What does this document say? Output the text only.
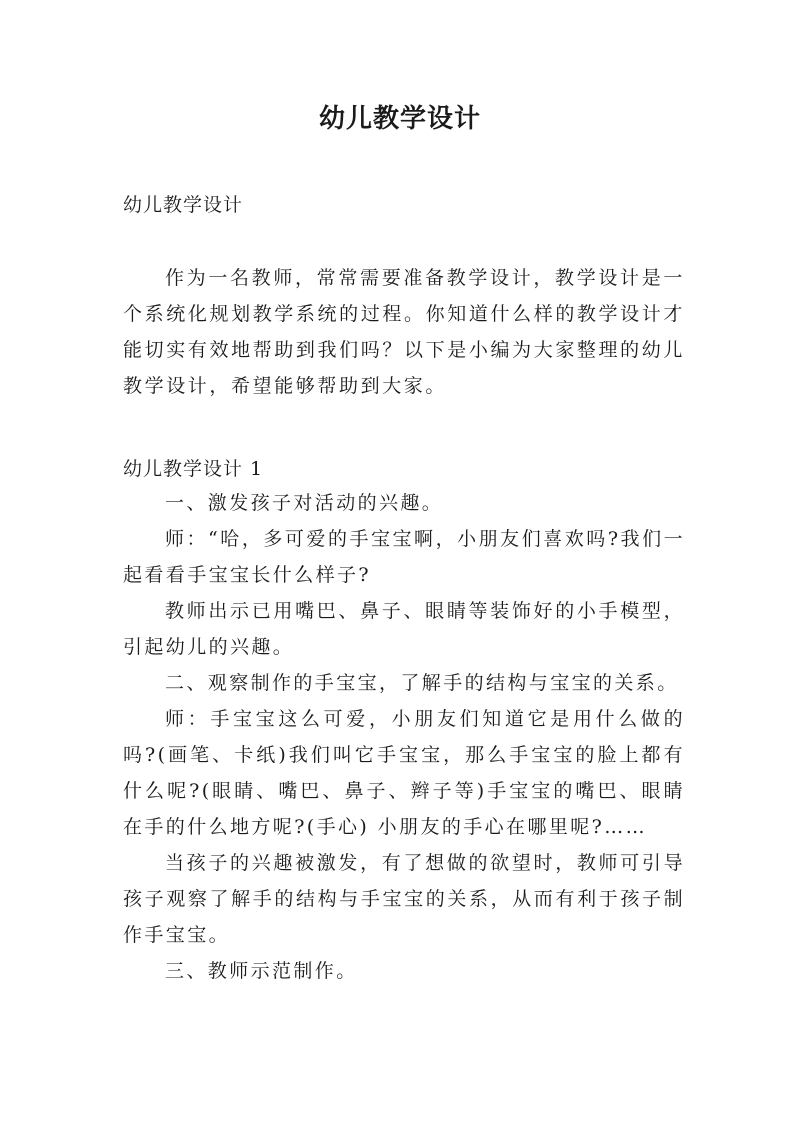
幼儿教学设计

幼儿教学设计

作为一名教师，常常需要准备教学设计，教学设计是一个系统化规划教学系统的过程。你知道什么样的教学设计才能切实有效地帮助到我们吗？以下是小编为大家整理的幼儿教学设计，希望能够帮助到大家。

幼儿教学设计 1

一、激发孩子对活动的兴趣。

师：“哈，多可爱的手宝宝啊，小朋友们喜欢吗?我们一起看看手宝宝长什么样子?

教师出示已用嘴巴、鼻子、眼睛等装饰好的小手模型，引起幼儿的兴趣。

二、观察制作的手宝宝，了解手的结构与宝宝的关系。

师：手宝宝这么可爱，小朋友们知道它是用什么做的吗?(画笔、卡纸)我们叫它手宝宝，那么手宝宝的脸上都有什么呢?(眼睛、嘴巴、鼻子、辫子等)手宝宝的嘴巴、眼睛在手的什么地方呢?(手心) 小朋友的手心在哪里呢?……

当孩子的兴趣被激发，有了想做的欲望时，教师可引导孩子观察了解手的结构与手宝宝的关系，从而有利于孩子制作手宝宝。

三、教师示范制作。
